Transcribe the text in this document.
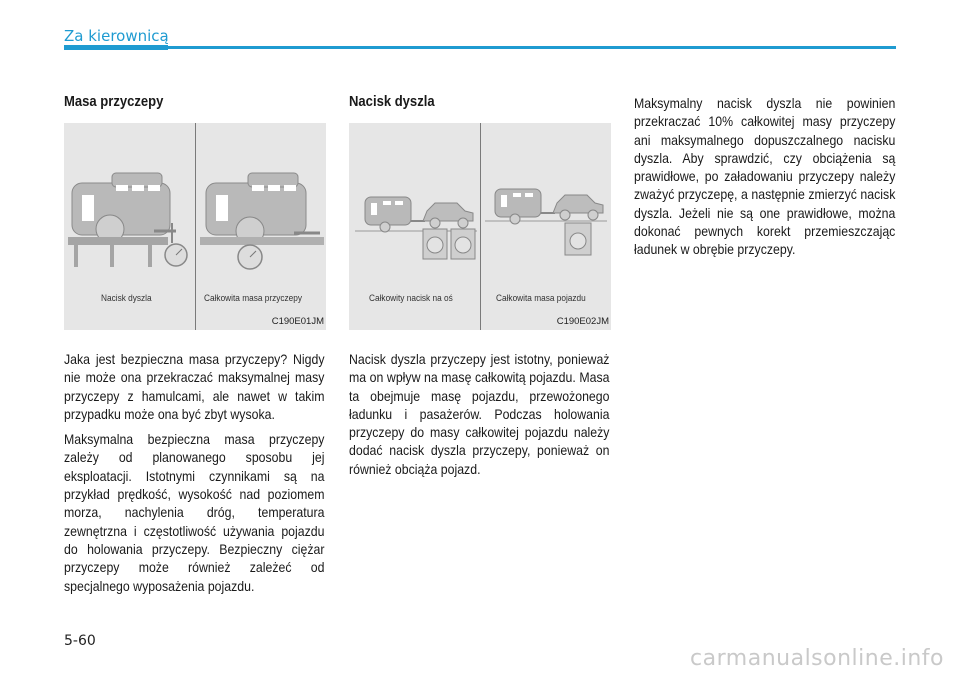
Za kierownicą
Masa przyczepy
Nacisk dyszla	Całkowita masa przyczepy
C190E01JM

Jaka jest bezpieczna masa przyczepy? Nigdy nie może ona przekraczać maksymalnej masy przyczepy z hamulcami, ale nawet w takim przypadku może ona być zbyt wysoka.

Maksymalna bezpieczna masa przyczepy zależy od planowanego sposobu jej eksploatacji. Istotnymi czynnikami są na przykład prędkość, wysokość nad poziomem morza, nachylenia dróg, temperatura zewnętrzna i częstotliwość używania pojazdu do holowania przyczepy. Bezpieczny ciężar przyczepy może również zależeć od specjalnego wyposażenia pojazdu.

Nacisk dyszla
Całkowity nacisk na oś	Całkowita masa pojazdu
C190E02JM

Nacisk dyszla przyczepy jest istotny, ponieważ ma on wpływ na masę całkowitą pojazdu. Masa ta obejmuje masę pojazdu, przewożonego ładunku i pasażerów. Podczas holowania przyczepy do masy całkowitej pojazdu należy dodać nacisk dyszla przyczepy, ponieważ on również obciąża pojazd.

Maksymalny nacisk dyszla nie powinien przekraczać 10% całkowitej masy przyczepy ani maksymalnego dopuszczalnego nacisku dyszla. Aby sprawdzić, czy obciążenia są prawidłowe, po załadowaniu przyczepy należy zważyć przyczepę, a następnie zmierzyć nacisk dyszla. Jeżeli nie są one prawidłowe, można dokonać pewnych korekt przemieszczając ładunek w obrębie przyczepy.

5-60
carmanualsonline.info
